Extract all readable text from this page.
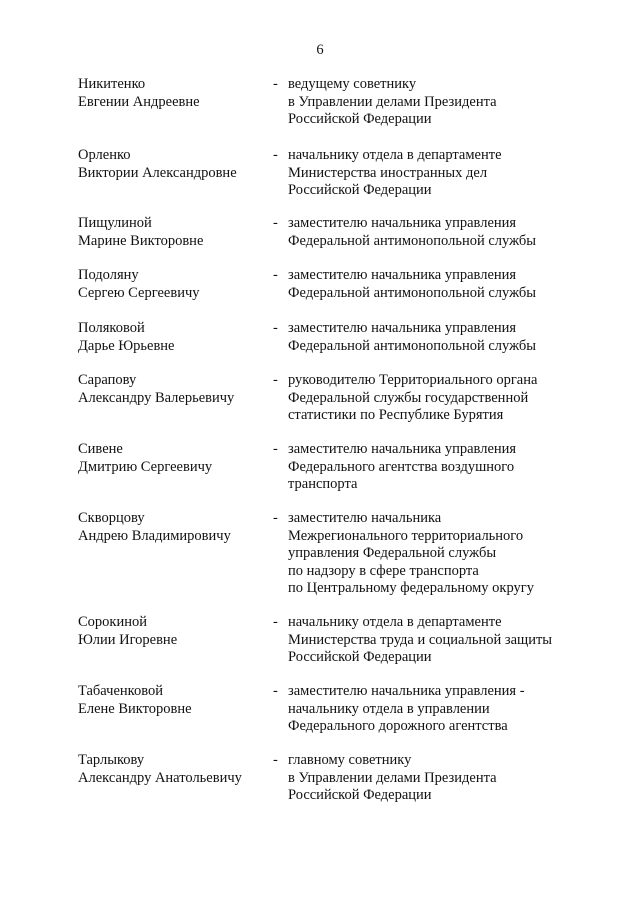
6
Никитенко
Евгении Андреевне
- ведущему советнику
в Управлении делами Президента
Российской Федерации
Орленко
Виктории Александровне
- начальнику отдела в департаменте
Министерства иностранных дел
Российской Федерации
Пищулиной
Марине Викторовне
- заместителю начальника управления
Федеральной антимонопольной службы
Подоляну
Сергею Сергеевичу
- заместителю начальника управления
Федеральной антимонопольной службы
Поляковой
Дарье Юрьевне
- заместителю начальника управления
Федеральной антимонопольной службы
Сарапову
Александру Валерьевичу
- руководителю Территориального органа
Федеральной службы государственной
статистики по Республике Бурятия
Сивене
Дмитрию Сергеевичу
- заместителю начальника управления
Федерального агентства воздушного
транспорта
Скворцову
Андрею Владимировичу
- заместителю начальника
Межрегионального территориального
управления Федеральной службы
по надзору в сфере транспорта
по Центральному федеральному округу
Сорокиной
Юлии Игоревне
- начальнику отдела в департаменте
Министерства труда и социальной защиты
Российской Федерации
Табаченковой
Елене Викторовне
- заместителю начальника управления -
начальнику отдела в управлении
Федерального дорожного агентства
Тарлыкову
Александру Анатольевичу
- главному советнику
в Управлении делами Президента
Российской Федерации
